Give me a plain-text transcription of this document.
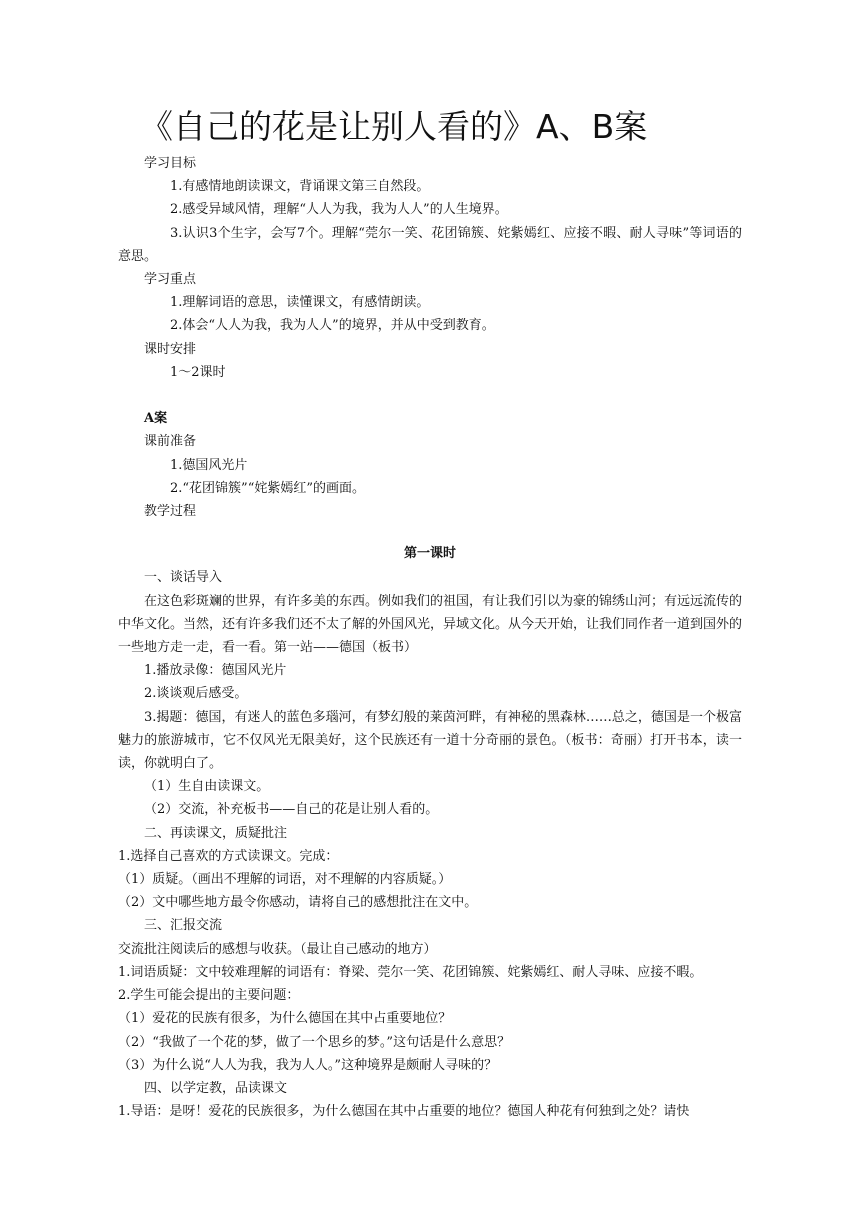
《自己的花是让别人看的》A、B案
学习目标
1.有感情地朗读课文，背诵课文第三自然段。
2.感受异域风情，理解“人人为我，我为人人”的人生境界。
3.认识3个生字，会写7个。理解“莞尔一笑、花团锦簇、姹紫嫣红、应接不暇、耐人寻味”等词语的意思。
学习重点
1.理解词语的意思，读懂课文，有感情朗读。
2.体会“人人为我，我为人人”的境界，并从中受到教育。
课时安排
1～2课时
A案
课前准备
1.德国风光片
2.“花团锦簇”“姹紫嫣红”的画面。
教学过程
第一课时
一、谈话导入
在这色彩斑斓的世界，有许多美的东西。例如我们的祖国，有让我们引以为豪的锦绣山河；有远远流传的中华文化。当然，还有许多我们还不太了解的外国风光，异域文化。从今天开始，让我们同作者一道到国外的一些地方走一走，看一看。第一站——德国（板书）
1.播放录像：德国风光片
2.谈谈观后感受。
3.揭题：德国，有迷人的蓝色多瑙河，有梦幻般的莱茵河畔，有神秘的黑森林……总之，德国是一个极富魅力的旅游城市，它不仅风光无限美好，这个民族还有一道十分奇丽的景色。（板书：奇丽）打开书本，读一读，你就明白了。
（1）生自由读课文。
（2）交流，补充板书——自己的花是让别人看的。
二、再读课文，质疑批注
1.选择自己喜欢的方式读课文。完成：
（1）质疑。（画出不理解的词语，对不理解的内容质疑。）
（2）文中哪些地方最令你感动，请将自己的感想批注在文中。
三、汇报交流
交流批注阅读后的感想与收获。（最让自己感动的地方）
1.词语质疑：文中较难理解的词语有：脊梁、莞尔一笑、花团锦簇、姹紫嫣红、耐人寻味、应接不暇。
2.学生可能会提出的主要问题：
（1）爱花的民族有很多，为什么德国在其中占重要地位？
（2）“我做了一个花的梦，做了一个思乡的梦。”这句话是什么意思？
（3）为什么说“人人为我，我为人人。”这种境界是颇耐人寻味的？
四、以学定教，品读课文
1.导语：是呀！爱花的民族很多，为什么德国在其中占重要的地位？德国人种花有何独到之处？请快
